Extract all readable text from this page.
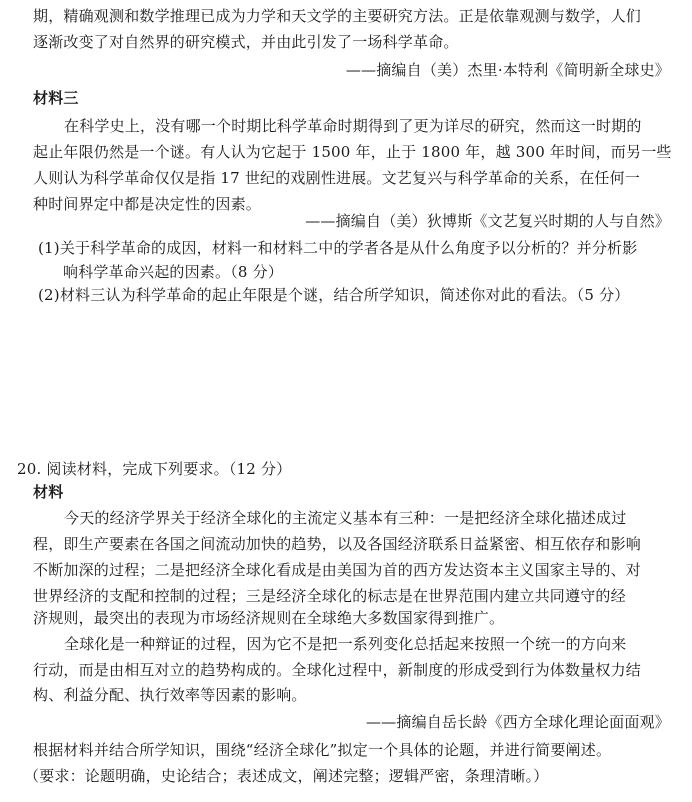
期，精确观测和数学推理已成为力学和天文学的主要研究方法。正是依靠观测与数学，人们
逐渐改变了对自然界的研究模式，并由此引发了一场科学革命。
——摘编自（美）杰里·本特利《简明新全球史》
材料三
在科学史上，没有哪一个时期比科学革命时期得到了更为详尽的研究，然而这一时期的
起止年限仍然是一个谜。有人认为它起于 1500 年，止于 1800 年，越 300 年时间，而另一些
人则认为科学革命仅仅是指 17 世纪的戏剧性进展。文艺复兴与科学革命的关系，在任何一
种时间界定中都是决定性的因素。
——摘编自（美）狄博斯《文艺复兴时期的人与自然》
(1)关于科学革命的成因，材料一和材料二中的学者各是从什么角度予以分析的？并分析影
响科学革命兴起的因素。（8 分）
(2)材料三认为科学革命的起止年限是个谜，结合所学知识，简述你对此的看法。（5 分）
20. 阅读材料，完成下列要求。（12 分）
材料
今天的经济学界关于经济全球化的主流定义基本有三种：一是把经济全球化描述成过
程，即生产要素在各国之间流动加快的趋势，以及各国经济联系日益紧密、相互依存和影响
不断加深的过程；二是把经济全球化看成是由美国为首的西方发达资本主义国家主导的、对
世界经济的支配和控制的过程；三是经济全球化的标志是在世界范围内建立共同遵守的经
济规则，最突出的表现为市场经济规则在全球绝大多数国家得到推广。
全球化是一种辩证的过程，因为它不是把一系列变化总括起来按照一个统一的方向来
行动，而是由相互对立的趋势构成的。全球化过程中，新制度的形成受到行为体数量权力结
构、利益分配、执行效率等因素的影响。
——摘编自岳长龄《西方全球化理论面面观》
根据材料并结合所学知识，围绕“经济全球化”拟定一个具体的论题，并进行简要阐述。
（要求：论题明确，史论结合；表述成文，阐述完整；逻辑严密，条理清晰。）
